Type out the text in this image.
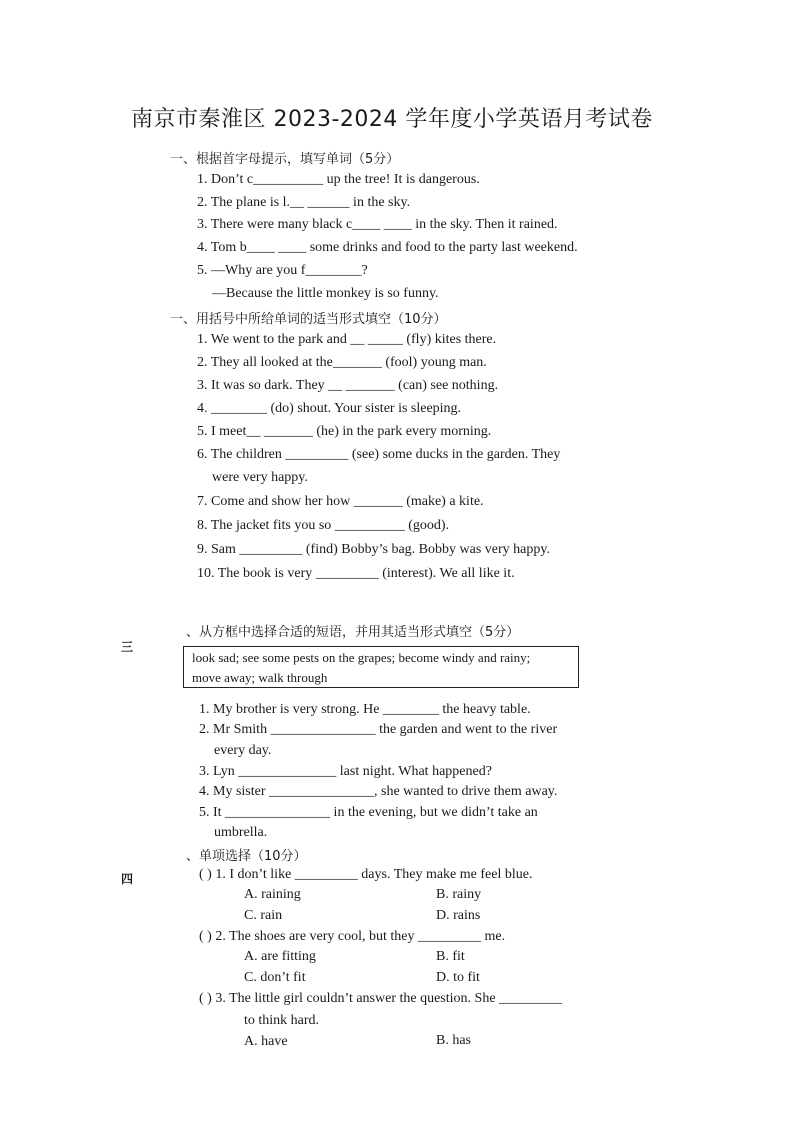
南京市秦淮区 2023-2024 学年度小学英语月考试卷
一、根据首字母提示，填写单词（5分）
1. Don’t c__________ up the tree! It is dangerous.
2. The plane is l.__ ______ in the sky.
3. There were many black c____ ____ in the sky. Then it rained.
4. Tom b____ ____ some drinks and food to the party last weekend.
5. —Why are you f________?
—Because the little monkey is so funny.
一、用括号中所给单词的适当形式填空（10分）
1. We went to the park and __ _____ (fly) kites there.
2. They all looked at the_______ (fool) young man.
3. It was so dark. They __ _______ (can) see nothing.
4. ________ (do) shout. Your sister is sleeping.
5. I meet__ _______ (he) in the park every morning.
6. The children _________ (see) some ducks in the garden. They
were very happy.
7. Come and show her how _______ (make) a kite.
8. The jacket fits you so __________ (good).
9. Sam _________ (find) Bobby’s bag. Bobby was very happy.
10. The book is very _________ (interest). We all like it.
三
、从方框中选择合适的短语，并用其适当形式填空（5分）
look sad; see some pests on the grapes; become windy and rainy;
move away; walk through
1. My brother is very strong. He ________ the heavy table.
2. Mr Smith _______________ the garden and went to the river
every day.
3. Lyn ______________ last night. What happened?
4. My sister _______________, she wanted to drive them away.
5. It _______________ in the evening, but we didn’t take an
umbrella.
、单项选择（10分）
四	( ) 1. I don’t like _________ days. They make me feel blue.
A. raining	B. rainy
C. rain	D. rains
( ) 2. The shoes are very cool, but they _________ me.
A. are fitting	B. fit
C. don’t fit	D. to fit
( ) 3. The little girl couldn’t answer the question. She _________
to think hard.
A. have	B. has
